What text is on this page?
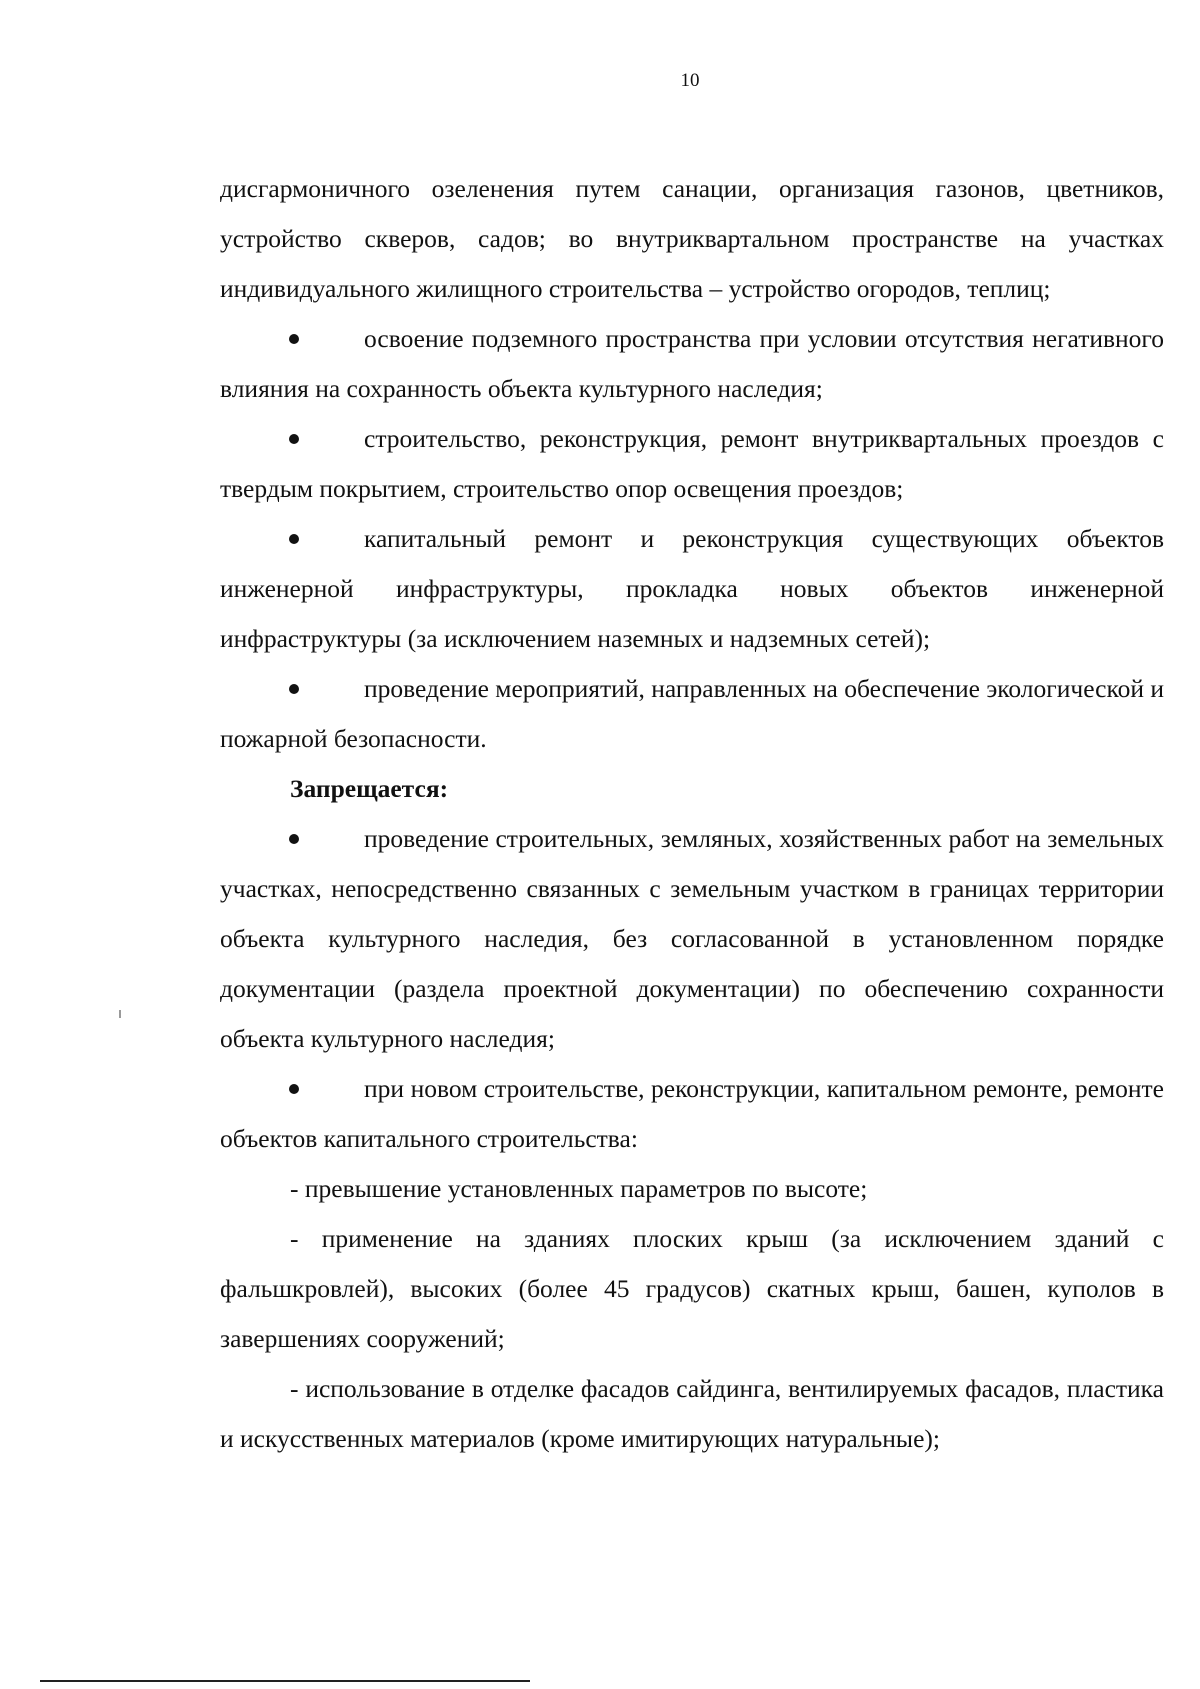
10

дисгармоничного озеленения путем санации, организация газонов, цветников, устройство скверов, садов; во внутриквартальном пространстве на участках индивидуального жилищного строительства – устройство огородов, теплиц;

освоение подземного пространства при условии отсутствия негативного влияния на сохранность объекта культурного наследия;

строительство, реконструкция, ремонт внутриквартальных проездов с твердым покрытием, строительство опор освещения проездов;

капитальный ремонт и реконструкция существующих объектов инженерной инфраструктуры, прокладка новых объектов инженерной инфраструктуры (за исключением наземных и надземных сетей);

проведение мероприятий, направленных на обеспечение экологической и пожарной безопасности.

Запрещается:

проведение строительных, земляных, хозяйственных работ на земельных участках, непосредственно связанных с земельным участком в границах территории объекта культурного наследия, без согласованной в установленном порядке документации (раздела проектной документации) по обеспечению сохранности объекта культурного наследия;

при новом строительстве, реконструкции, капитальном ремонте, ремонте объектов капитального строительства:

- превышение установленных параметров по высоте;

- применение на зданиях плоских крыш (за исключением зданий с фальшкровлей), высоких (более 45 градусов) скатных крыш, башен, куполов в завершениях сооружений;

- использование в отделке фасадов сайдинга, вентилируемых фасадов, пластика и искусственных материалов (кроме имитирующих натуральные);
